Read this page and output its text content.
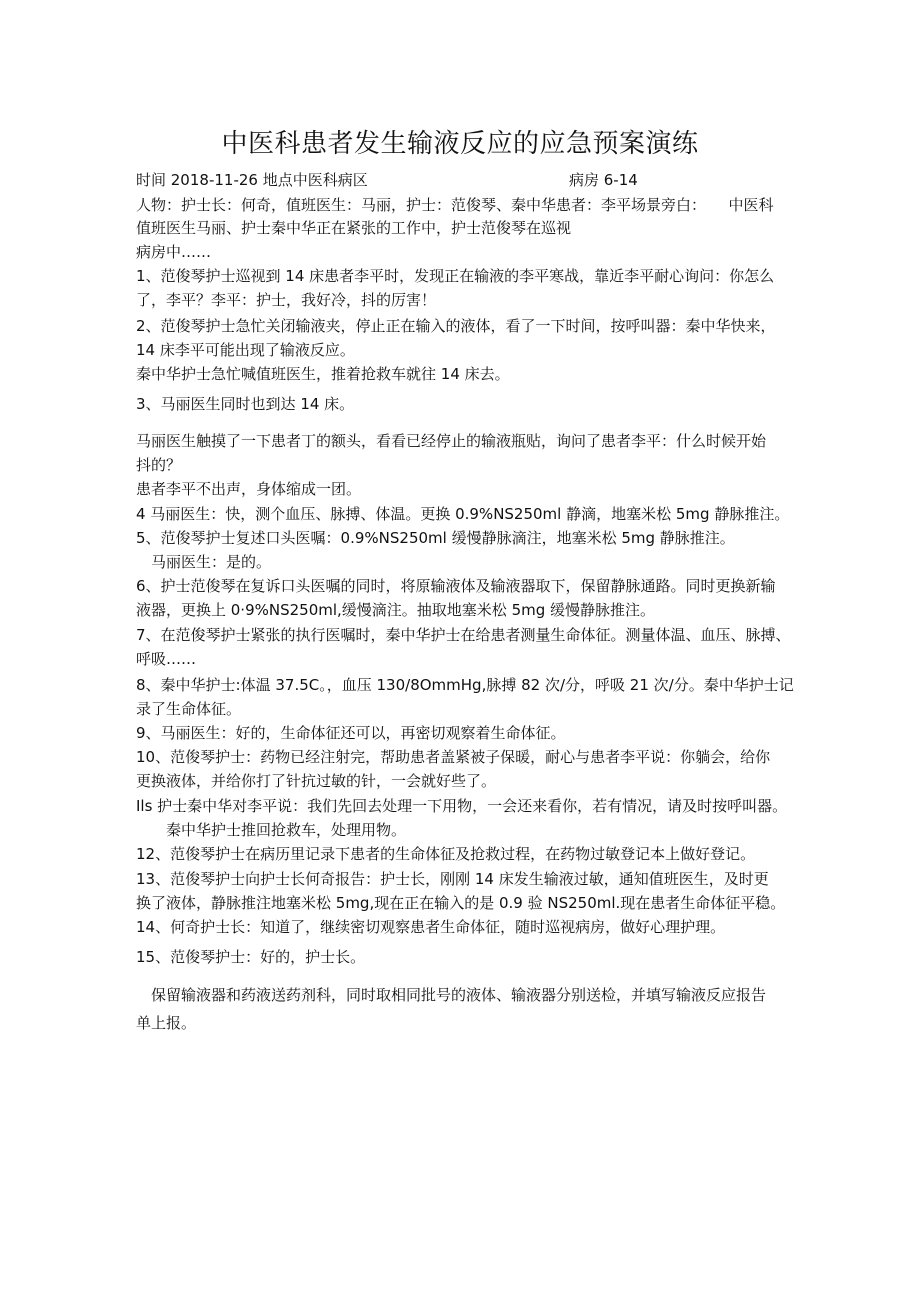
中医科患者发生输液反应的应急预案演练
时间 2018-11-26 地点中医科病区	病房 6-14
人物：护士长：何奇，值班医生：马丽，护士：范俊琴、秦中华患者：李平场景旁白：　　中医科
值班医生马丽、护士秦中华正在紧张的工作中，护士范俊琴在巡视
病房中……
1、范俊琴护士巡视到 14 床患者李平时，发现正在输液的李平寒战，靠近李平耐心询问：你怎么
了，李平？李平：护士，我好冷，抖的厉害！
2、范俊琴护士急忙关闭输液夹，停止正在输入的液体，看了一下时间，按呼叫器：秦中华快来，
14 床李平可能出现了输液反应。
秦中华护士急忙喊值班医生，推着抢救车就往 14 床去。
3、马丽医生同时也到达 14 床。
马丽医生触摸了一下患者丁的额头，看看已经停止的输液瓶贴，询问了患者李平：什么时候开始
抖的？
患者李平不出声，身体缩成一团。
4 马丽医生：快，测个血压、脉搏、体温。更换 0.9%NS250ml 静滴，地塞米松 5mg 静脉推注。
5、范俊琴护士复述口头医嘱：0.9%NS250ml 缓慢静脉滴注，地塞米松 5mg 静脉推注。
　马丽医生：是的。
6、护士范俊琴在复诉口头医嘱的同时，将原输液体及输液器取下，保留静脉通路。同时更换新输
液器，更换上 0·9%NS250ml,缓慢滴注。抽取地塞米松 5mg 缓慢静脉推注。
7、在范俊琴护士紧张的执行医嘱时，秦中华护士在给患者测量生命体征。测量体温、血压、脉搏、
呼吸……
8、秦中华护士:体温 37.5C。，血压 130/8OmmHg,脉搏 82 次/分，呼吸 21 次/分。秦中华护士记
录了生命体征。
9、马丽医生：好的，生命体征还可以，再密切观察着生命体征。
10、范俊琴护士：药物已经注射完，帮助患者盖紧被子保暖，耐心与患者李平说：你躺会，给你
更换液体，并给你打了针抗过敏的针，一会就好些了。
Ils 护士秦中华对李平说：我们先回去处理一下用物，一会还来看你，若有情况，请及时按呼叫器。
　　秦中华护士推回抢救车，处理用物。
12、范俊琴护士在病历里记录下患者的生命体征及抢救过程，在药物过敏登记本上做好登记。
13、范俊琴护士向护士长何奇报告：护士长，刚刚 14 床发生输液过敏，通知值班医生，及时更
换了液体，静脉推注地塞米松 5mg,现在正在输入的是 0.9 验 NS250ml.现在患者生命体征平稳。
14、何奇护士长：知道了，继续密切观察患者生命体征，随时巡视病房，做好心理护理。
15、范俊琴护士：好的，护士长。
　保留输液器和药液送药剂科，同时取相同批号的液体、输液器分别送检，并填写输液反应报告
单上报。
